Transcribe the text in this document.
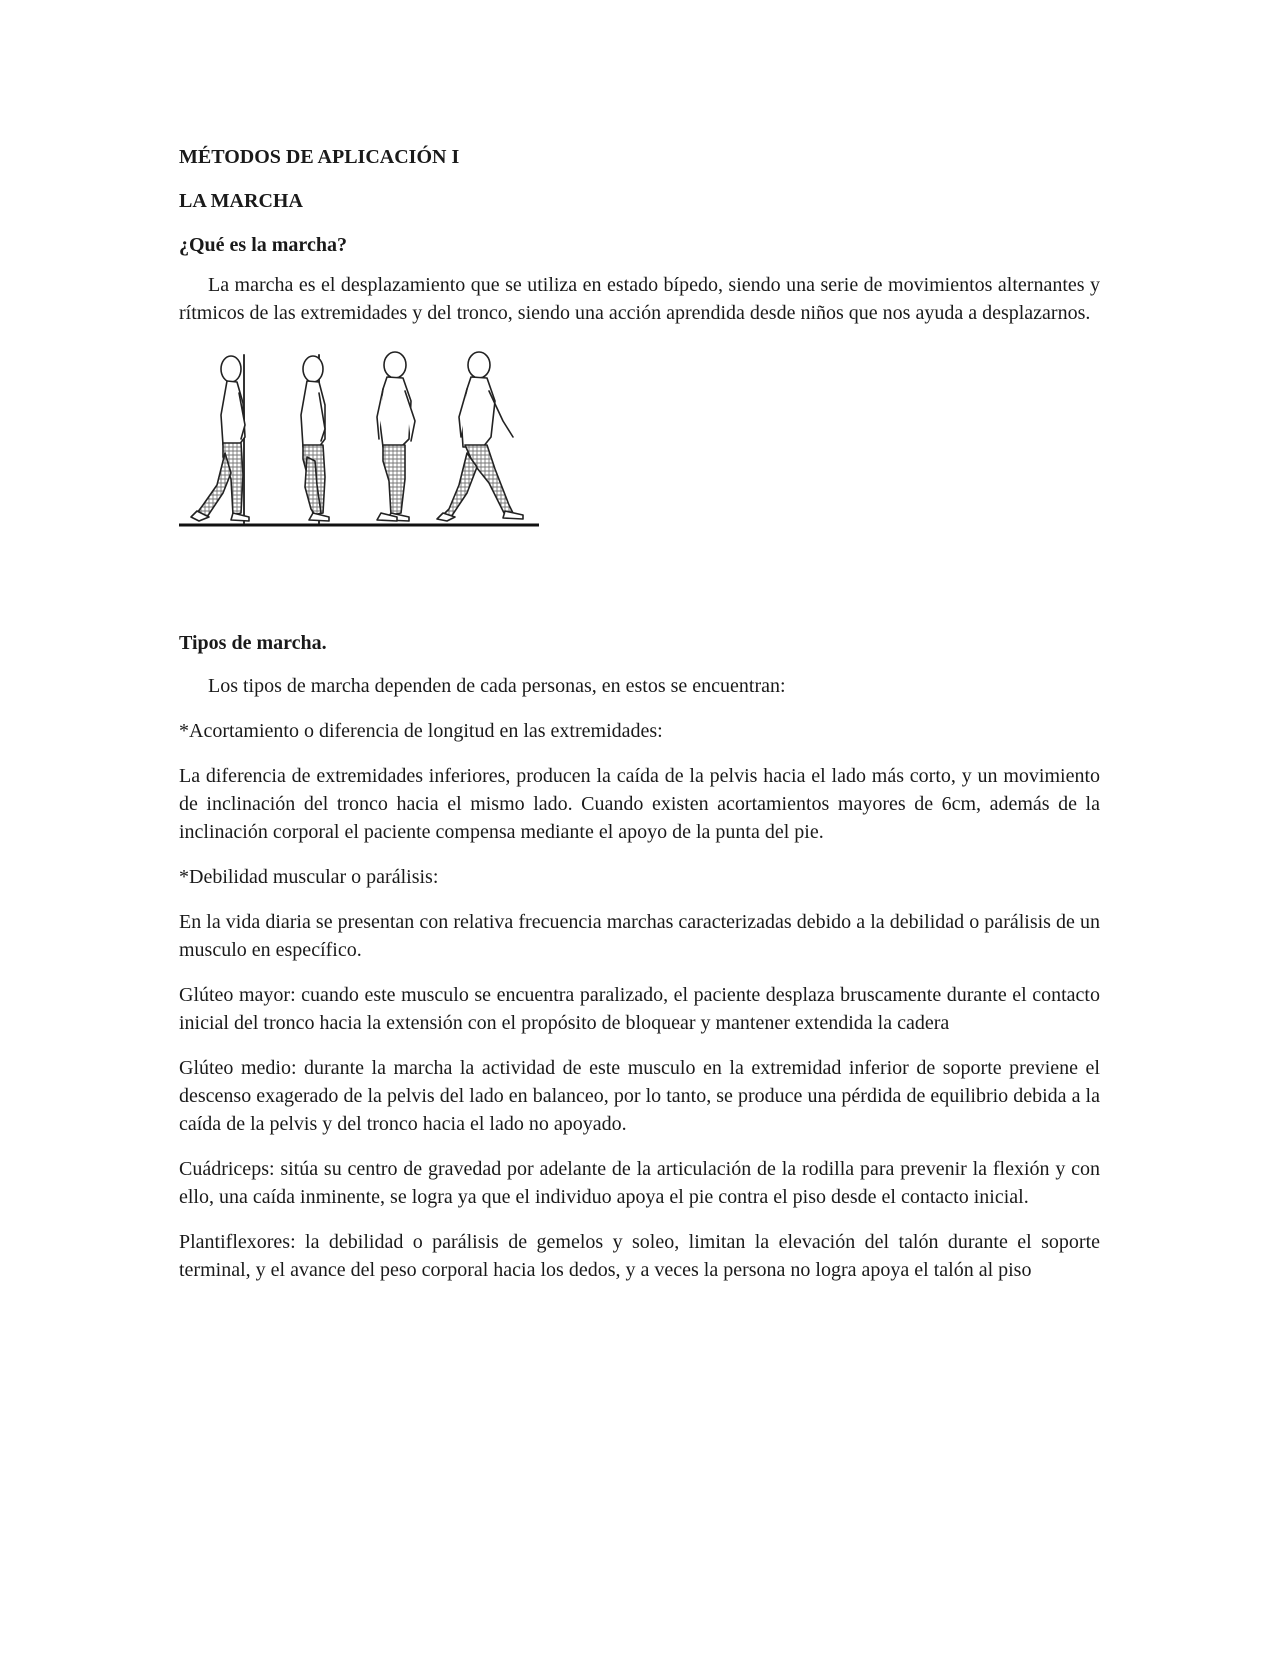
MÉTODOS DE APLICACIÓN I
LA MARCHA
¿Qué es la marcha?

La marcha es el desplazamiento que se utiliza en estado bípedo, siendo una serie de movimientos alternantes y rítmicos de las extremidades y del tronco, siendo una acción aprendida desde niños que nos ayuda a desplazarnos.

Tipos de marcha.

Los tipos de marcha dependen de cada personas, en estos se encuentran:

*Acortamiento o diferencia de longitud en las extremidades:

La diferencia de extremidades inferiores, producen la caída de la pelvis hacia el lado más corto, y un movimiento de inclinación del tronco hacia el mismo lado. Cuando existen acortamientos mayores de 6cm, además de la inclinación corporal el paciente compensa mediante el apoyo de la punta del pie.

*Debilidad muscular o parálisis:

En la vida diaria se presentan con relativa frecuencia marchas caracterizadas debido a la debilidad o parálisis de un musculo en específico.

Glúteo mayor: cuando este musculo se encuentra paralizado, el paciente desplaza bruscamente durante el contacto inicial del tronco hacia la extensión con el propósito de bloquear y mantener extendida la cadera

Glúteo medio: durante la marcha la actividad de este musculo en la extremidad inferior de soporte previene el descenso exagerado de la pelvis del lado en balanceo, por lo tanto, se produce una pérdida de equilibrio debida a la caída de la pelvis y del tronco hacia el lado no apoyado.

Cuádriceps: sitúa su centro de gravedad por adelante de la articulación de la rodilla para prevenir la flexión y con ello, una caída inminente, se logra ya que el individuo apoya el pie contra el piso desde el contacto inicial.

Plantiflexores: la debilidad o parálisis de gemelos y soleo, limitan la elevación del talón durante el soporte terminal, y el avance del peso corporal hacia los dedos, y a veces la persona no logra apoya el talón al piso
